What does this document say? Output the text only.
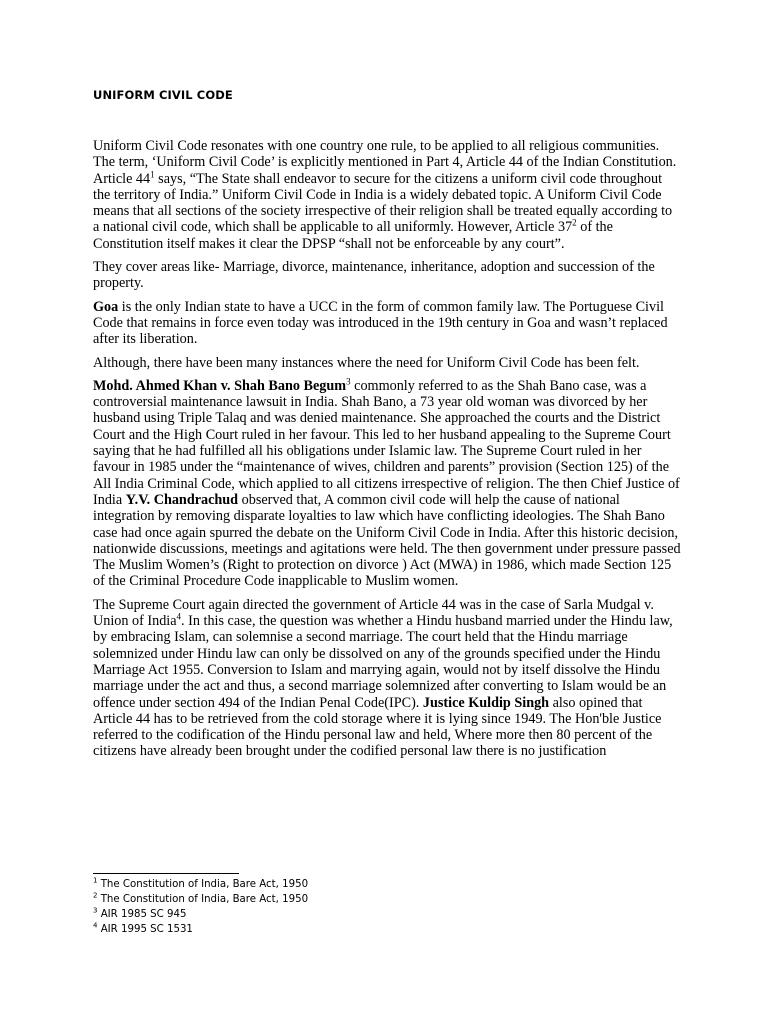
UNIFORM CIVIL CODE

Uniform Civil Code resonates with one country one rule, to be applied to all religious communities. The term, ‘Uniform Civil Code’ is explicitly mentioned in Part 4, Article 44 of the Indian Constitution. Article $44^1$ says, “The State shall endeavor to secure for the citizens a uniform civil code throughout the territory of India.” Uniform Civil Code in India is a widely debated topic. A Uniform Civil Code means that all sections of the society irrespective of their religion shall be treated equally according to a national civil code, which shall be applicable to all uniformly. However, Article $37^2$ of the Constitution itself makes it clear the DPSP “shall not be enforceable by any court”.

They cover areas like- Marriage, divorce, maintenance, inheritance, adoption and succession of the property.

Goa is the only Indian state to have a UCC in the form of common family law. The Portuguese Civil Code that remains in force even today was introduced in the 19th century in Goa and wasn’t replaced after its liberation.

Although, there have been many instances where the need for Uniform Civil Code has been felt.

Mohd. Ahmed Khan v. Shah Bano Begum$^3$ commonly referred to as the Shah Bano case, was a controversial maintenance lawsuit in India. Shah Bano, a 73 year old woman was divorced by her husband using Triple Talaq and was denied maintenance. She approached the courts and the District Court and the High Court ruled in her favour. This led to her husband appealing to the Supreme Court saying that he had fulfilled all his obligations under Islamic law. The Supreme Court ruled in her favour in 1985 under the “maintenance of wives, children and parents” provision (Section 125) of the All India Criminal Code, which applied to all citizens irrespective of religion. The then Chief Justice of India Y.V. Chandrachud observed that, A common civil code will help the cause of national integration by removing disparate loyalties to law which have conflicting ideologies. The Shah Bano case had once again spurred the debate on the Uniform Civil Code in India. After this historic decision, nationwide discussions, meetings and agitations were held. The then government under pressure passed The Muslim Women’s (Right to protection on divorce ) Act (MWA) in 1986, which made Section 125 of the Criminal Procedure Code inapplicable to Muslim women.

The Supreme Court again directed the government of Article 44 was in the case of Sarla Mudgal v. Union of India$^4$. In this case, the question was whether a Hindu husband married under the Hindu law, by embracing Islam, can solemnise a second marriage. The court held that the Hindu marriage solemnized under Hindu law can only be dissolved on any of the grounds specified under the Hindu Marriage Act 1955. Conversion to Islam and marrying again, would not by itself dissolve the Hindu marriage under the act and thus, a second marriage solemnized after converting to Islam would be an offence under section 494 of the Indian Penal Code(IPC). Justice Kuldip Singh also opined that Article 44 has to be retrieved from the cold storage where it is lying since 1949. The Hon'ble Justice referred to the codification of the Hindu personal law and held, Where more then 80 percent of the citizens have already been brought under the codified personal law there is no justification

$^1$ The Constitution of India, Bare Act, 1950
$^2$ The Constitution of India, Bare Act, 1950
$^3$ AIR 1985 SC 945
$^4$ AIR 1995 SC 1531
